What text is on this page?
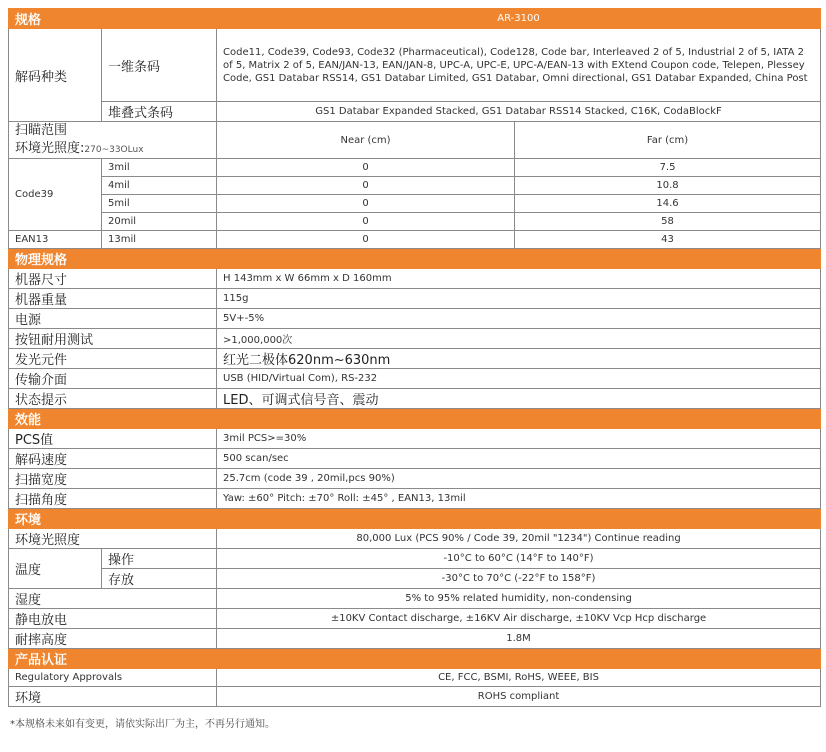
规格		AR-3100	
解码种类	一维条码	Code11, Code39, Code93, Code32 (Pharmaceutical), Code128, Code bar, Interleaved 2 of 5, Industrial 2 of 5, IATA 2 of 5, Matrix 2 of 5, EAN/JAN-13, EAN/JAN-8, UPC-A, UPC-E, UPC-A/EAN-13 with EXtend Coupon code, Telepen, Plessey Code, GS1 Databar RSS14, GS1 Databar Limited, GS1 Databar, Omni directional, GS1 Databar Expanded, China Post	
	堆叠式条码	GS1 Databar Expanded Stacked, GS1 Databar RSS14 Stacked, C16K, CodaBlockF	

扫瞄范围
环境光照度:270~33OLux		Near (cm)	Far (cm)
Code39	3mil	0	7.5
	4mil	0	10.8
	5mil	0	14.6
	20mil	0	58
EAN13	13mil	0	43
物理规格			
机器尺寸		H 143mm x W 66mm x D 160mm	
机器重量		115g	
电源		5V+-5%	
按钮耐用测试		>1,000,000次	
发光元件		红光二极体620nm~630nm	
传输介面		USB (HID/Virtual Com), RS-232	
状态提示		LED、可调式信号音、震动	
效能			
PCS值		3mil PCS>=30%	
解码速度		500 scan/sec	
扫描宽度		25.7cm (code 39 , 20mil,pcs 90%)	
扫描角度		Yaw: ±60° Pitch: ±70° Roll: ±45° , EAN13, 13mil	
环境			
环境光照度		80,000 Lux (PCS 90% / Code 39, 20mil "1234") Continue reading	
温度	操作	-10°C to 60°C (14°F to 140°F)	
	存放	-30°C to 70°C (-22°F to 158°F)	
湿度		5% to 95% related humidity, non-condensing	
静电放电		±10KV Contact discharge, ±16KV Air discharge, ±10KV Vcp Hcp discharge	
耐摔高度		1.8M	
产品认证			
Regulatory Approvals		CE, FCC, BSMI, RoHS, WEEE, BIS	
环境		ROHS compliant	
*本规格未来如有变更，请依实际出厂为主，不再另行通知。
